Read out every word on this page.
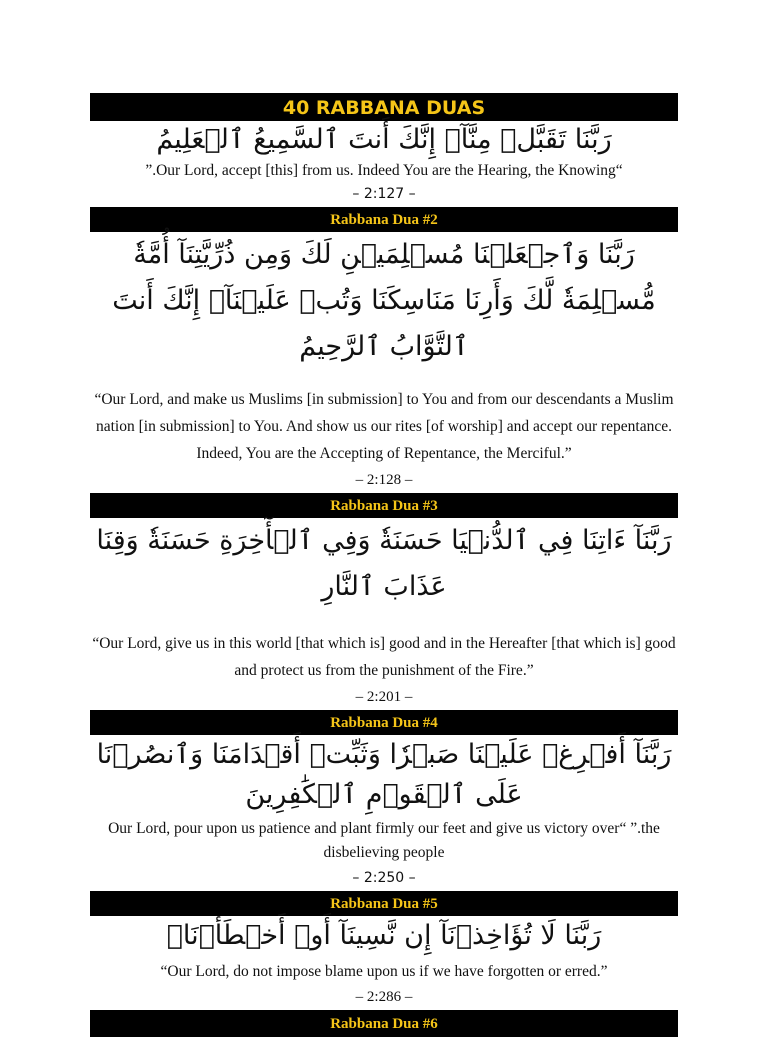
40 RABBANA DUAS

رَبَّنَا تَقَبَّلۡ مِنَّآۖ إِنَّكَ أَنتَ ٱلسَّمِيعُ ٱلۡعَلِيمُ

”.Our Lord, accept [this] from us. Indeed You are the Hearing, the Knowing“

– 2:127 –

Rabbana Dua #2

رَبَّنَا وَٱجۡعَلۡنَا مُسۡلِمَيۡنِ لَكَ وَمِن ذُرِّيَّتِنَآ أُمَّةٗ مُّسۡلِمَةٗ لَّكَ وَأَرِنَا مَنَاسِكَنَا وَتُبۡ عَلَيۡنَآۖ إِنَّكَ أَنتَ ٱلتَّوَّابُ ٱلرَّحِيمُ

“Our Lord, and make us Muslims [in submission] to You and from our descendants a Muslim nation [in submission] to You. And show us our rites [of worship] and accept our repentance. Indeed, You are the Accepting of Repentance, the Merciful.”

– 2:128 –

Rabbana Dua #3

رَبَّنَآ ءَاتِنَا فِي ٱلدُّنۡيَا حَسَنَةٗ وَفِي ٱلۡأٓخِرَةِ حَسَنَةٗ وَقِنَا عَذَابَ ٱلنَّارِ

“Our Lord, give us in this world [that which is] good and in the Hereafter [that which is] good and protect us from the punishment of the Fire.”

– 2:201 –

Rabbana Dua #4

رَبَّنَآ أَفۡرِغۡ عَلَيۡنَا صَبۡرٗا وَثَبِّتۡ أَقۡدَامَنَا وَٱنصُرۡنَا عَلَى ٱلۡقَوۡمِ ٱلۡكَٰفِرِينَ

Our Lord, pour upon us patience and plant firmly our feet and give us victory over“ ”.the disbelieving people

– 2:250 –

Rabbana Dua #5

رَبَّنَا لَا تُؤَاخِذۡنَآ إِن نَّسِينَآ أَوۡ أَخۡطَأۡنَاۚ

“Our Lord, do not impose blame upon us if we have forgotten or erred.”

– 2:286 –

Rabbana Dua #6
